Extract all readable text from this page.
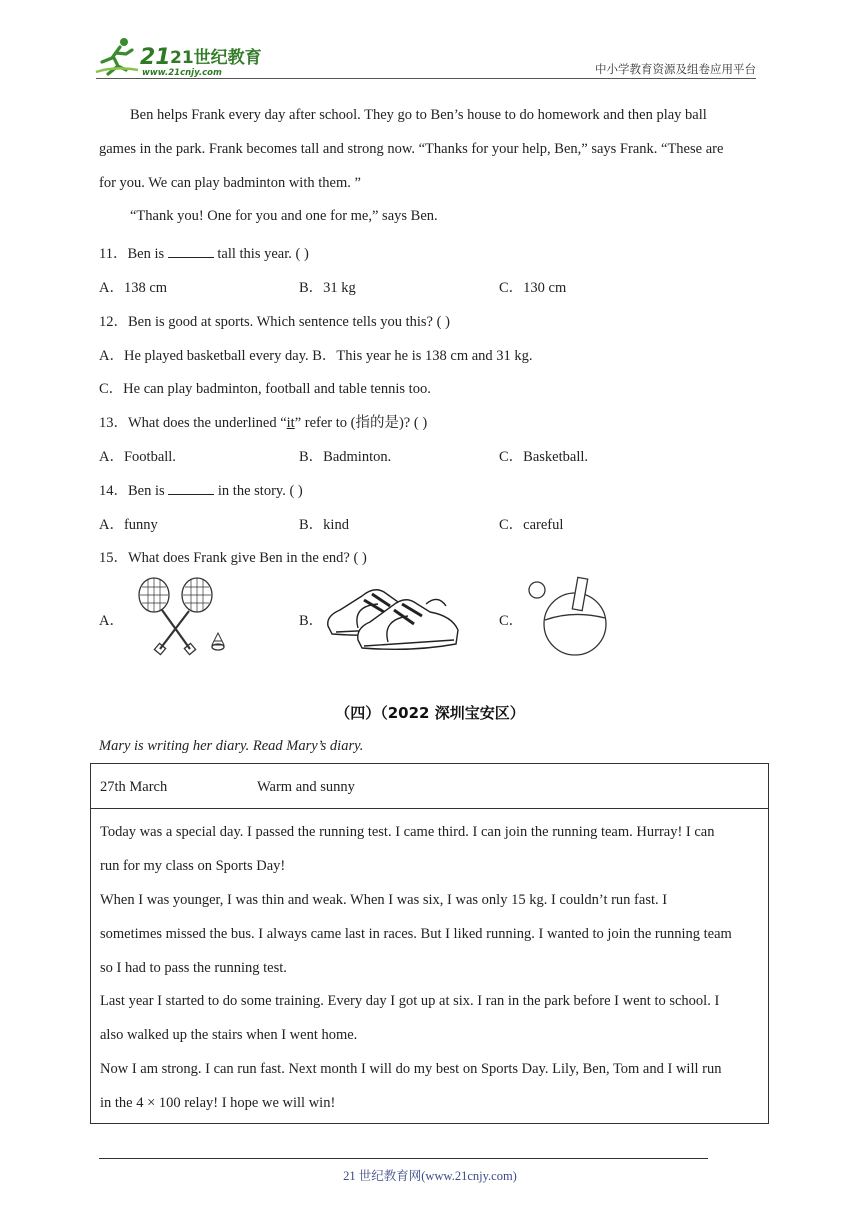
21 21世纪教育
www.21cnjy.com	中小学教育资源及组卷应用平台
Ben helps Frank every day after school. They go to Ben’s house to do homework and then play ball
games in the park. Frank becomes tall and strong now. “Thanks for your help, Ben,” says Frank. “These are
for you. We can play badminton with them. ”
“Thank you! One for you and one for me,” says Ben.
11．Ben is	tall this year. ( )
A．138 cm	B．31 kg	C．130 cm
12．Ben is good at sports. Which sentence tells you this? ( )
A．He played basketball every day. B．This year he is 138 cm and 31 kg.
C．He can play badminton, football and table tennis too.
13．What does the underlined “it” refer to (指的是)? ( )
A．Football.	B．Badminton.	C．Basketball.
14．Ben is	in the story. ( )
A．funny	B．kind	C．careful
15．What does Frank give Ben in the end? ( )
A．	B．	C．
（四）（2022 深圳宝安区）
Mary is writing her diary. Read Mary’s diary.
27th March	Warm and sunny
Today was a special day. I passed the running test. I came third. I can join the running team. Hurray! I can
run for my class on Sports Day!
When I was younger, I was thin and weak. When I was six, I was only 15 kg. I couldn’t run fast. I
sometimes missed the bus. I always came last in races. But I liked running. I wanted to join the running team
so I had to pass the running test.
Last year I started to do some training. Every day I got up at six. I ran in the park before I went to school. I
also walked up the stairs when I went home.
Now I am strong. I can run fast. Next month I will do my best on Sports Day. Lily, Ben, Tom and I will run
in the 4 × 100 relay! I hope we will win!
21 世纪教育网(www.21cnjy.com)
